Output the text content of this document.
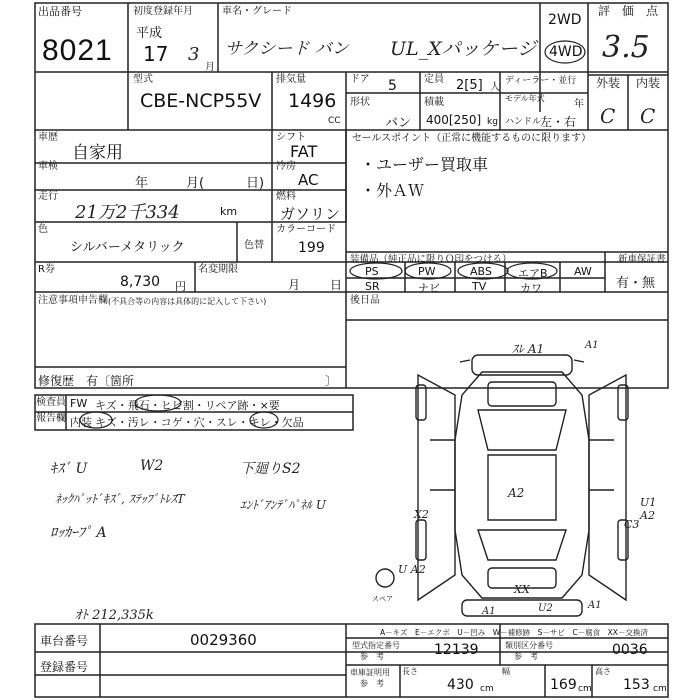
出品番号
8021
初度登録年月
平成
17 3
月
車名・グレード
サクシード バン UL_Xパッケージ
2WD
4WD
評　価　点
3.5
外装 内装
C C
型式
CBE-NCP55V
排気量
1496
CC
ドア 5	定員 2[5] 人
ディーラー・並行
モデル年式
年
形状
バン
積載
400[250] kg ハンドル
左・右
車歴
自家用
シフト
FAT
車検
年	月(	日)
冷房
AC
走行
21万2千334	km
燃料
ガソリン
色
シルバーメタリック	色替
カラーコード
199
R券
8,730 円
名変期限
月 日
セールスポイント（正常に機能するものに限ります）
・ユーザー買取車
・外ＡＷ
装備品（純正品に限りＯ印をつける）	新車保証書
PS	PW	ABS エアB AW
SR	ナビ	TV	カワ	有・無
後日品
注意事項申告欄 (不具合等の内容は具体的に記入して下さい)
修復歴 有〔箇所	〕
検査員
報告欄
FW キズ・飛石・ヒビ割・リペア跡・×要
内装 キズ・汚レ・コゲ・穴・スレ・キレ・欠品
ｷｽﾞ U	W2	下廻りS2
ﾈｯｸﾊﾟｯﾄﾞｷｽﾞ, ｽﾃｯﾌﾟﾄﾚｽT	ｴﾝﾄﾞｱﾝﾃﾞﾊﾟﾈﾙ U
ﾛｯｶｰﾌﾟ A
ｵﾄ 212,335k
ｽﾚ A1	A1
A2
X2
U1 A2
C3
U A2
XX
スペア
A1	U2	A1
A－キズ　E－エクボ　U－凹み　W－補修跡　S－サビ　C－腐食　XX－交換済
車台番号	0029360
登録番号
型式指定番号
参　考	12139	類別区分番号
参　考	0036
車庫証明用
参　考
長さ
430 cm
幅
169 cm
高さ
153 cm
